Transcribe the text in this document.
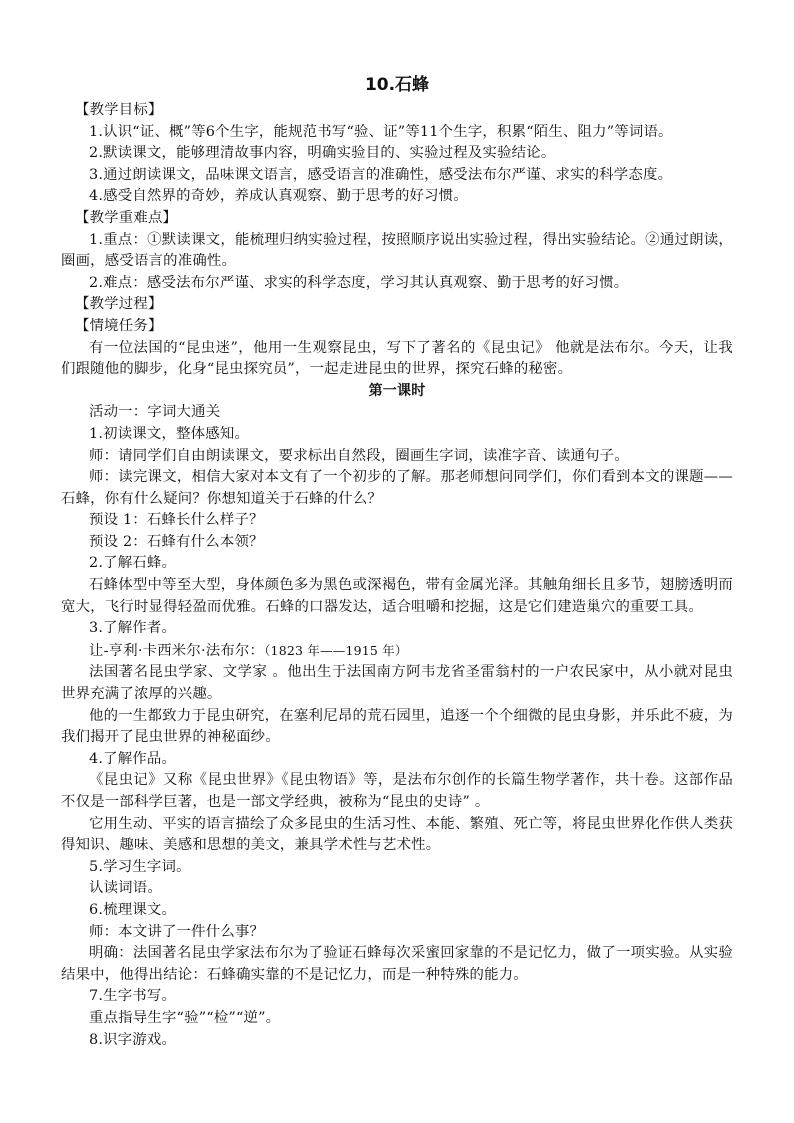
10.石蜂

【教学目标】

1.认识“证、概”等6个生字，能规范书写“验、证”等11个生字，积累“陌生、阻力”等词语。

2.默读课文，能够理清故事内容，明确实验目的、实验过程及实验结论。

3.通过朗读课文，品味课文语言，感受语言的准确性，感受法布尔严谨、求实的科学态度。

4.感受自然界的奇妙，养成认真观察、勤于思考的好习惯。

【教学重难点】

1.重点：①默读课文，能梳理归纳实验过程，按照顺序说出实验过程，得出实验结论。②通过朗读，圈画，感受语言的准确性。

2.难点：感受法布尔严谨、求实的科学态度，学习其认真观察、勤于思考的好习惯。

【教学过程】

【情境任务】

有一位法国的“昆虫迷”，他用一生观察昆虫，写下了著名的《昆虫记》 他就是法布尔。今天，让我们跟随他的脚步，化身“昆虫探究员”，一起走进昆虫的世界，探究石蜂的秘密。

第一课时

活动一：字词大通关

1.初读课文，整体感知。

师：请同学们自由朗读课文，要求标出自然段，圈画生字词，读准字音、读通句子。

师：读完课文，相信大家对本文有了一个初步的了解。那老师想问同学们，你们看到本文的课题——石蜂，你有什么疑问？你想知道关于石蜂的什么？

预设 1：石蜂长什么样子？

预设 2：石蜂有什么本领？

2.了解石蜂。

石蜂体型中等至大型，身体颜色多为黑色或深褐色，带有金属光泽。其触角细长且多节，翅膀透明而宽大，飞行时显得轻盈而优雅。石蜂的口器发达，适合咀嚼和挖掘，这是它们建造巢穴的重要工具。

3.了解作者。

让-亨利·卡西米尔·法布尔：（1823 年——1915 年）

法国著名昆虫学家、文学家 。他出生于法国南方阿韦龙省圣雷翁村的一户农民家中，从小就对昆虫世界充满了浓厚的兴趣。

他的一生都致力于昆虫研究，在塞利尼昂的荒石园里，追逐一个个细微的昆虫身影，并乐此不疲，为我们揭开了昆虫世界的神秘面纱。

4.了解作品。

《昆虫记》又称《昆虫世界》《昆虫物语》等，是法布尔创作的长篇生物学著作，共十卷。这部作品不仅是一部科学巨著，也是一部文学经典，被称为“昆虫的史诗” 。

它用生动、平实的语言描绘了众多昆虫的生活习性、本能、繁殖、死亡等，将昆虫世界化作供人类获得知识、趣味、美感和思想的美文，兼具学术性与艺术性。

5.学习生字词。

认读词语。

6.梳理课文。

师：本文讲了一件什么事？

明确：法国著名昆虫学家法布尔为了验证石蜂每次采蜜回家靠的不是记忆力，做了一项实验。从实验结果中，他得出结论：石蜂确实靠的不是记忆力，而是一种特殊的能力。

7.生字书写。

重点指导生字“验”“检”“逆”。

8.识字游戏。
